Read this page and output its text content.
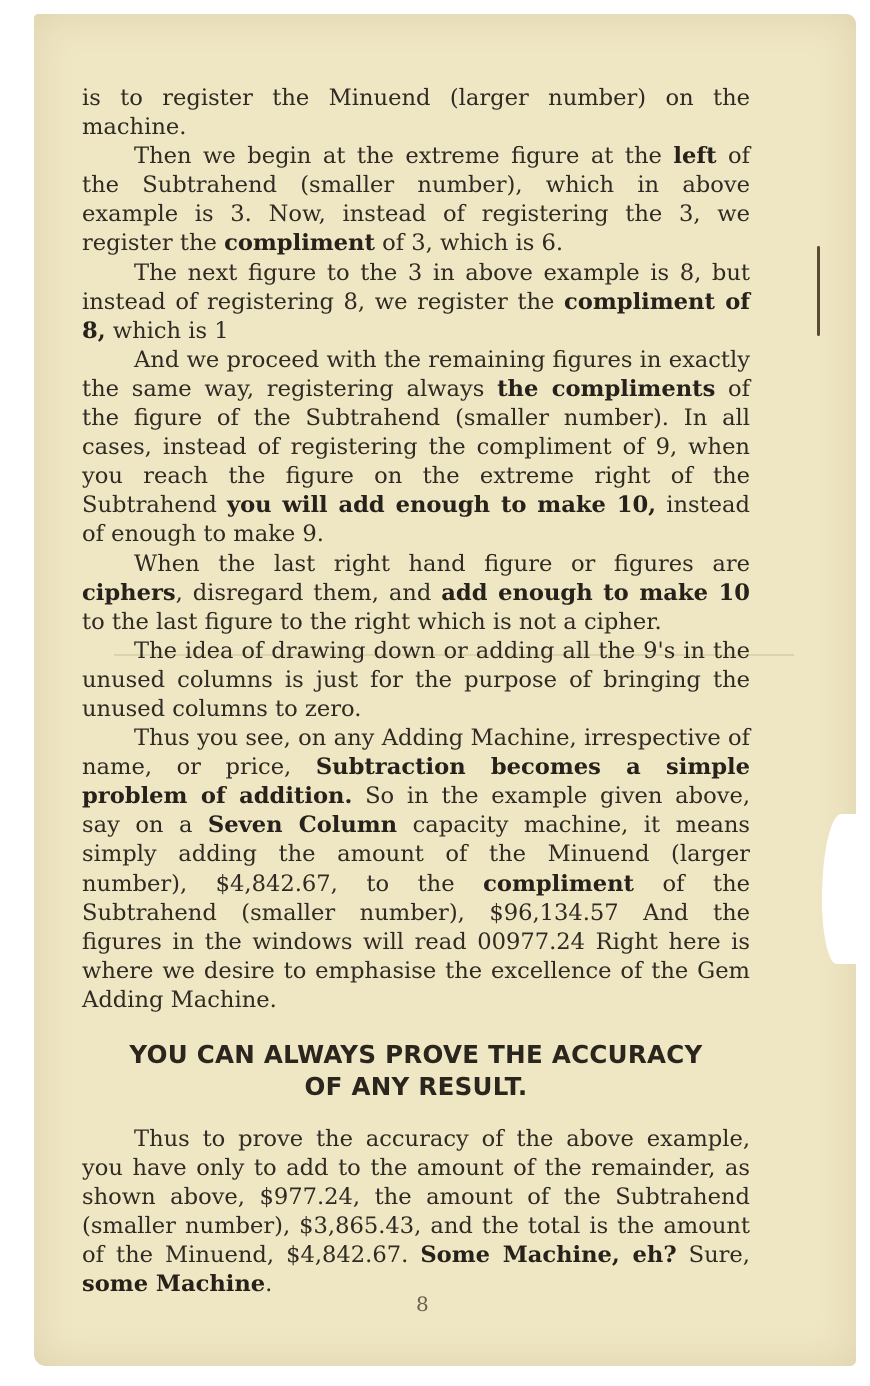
is to register the Minuend (larger number) on the machine.

Then we begin at the extreme figure at the left of the Subtrahend (smaller number), which in above example is 3. Now, instead of registering the 3, we register the compliment of 3, which is 6.

The next figure to the 3 in above example is 8, but instead of registering 8, we register the compliment of 8, which is 1

And we proceed with the remaining figures in exactly the same way, registering always the compliments of the figure of the Subtrahend (smaller number). In all cases, instead of registering the compliment of 9, when you reach the figure on the extreme right of the Subtrahend you will add enough to make 10, instead of enough to make 9.

When the last right hand figure or figures are ciphers, disregard them, and add enough to make 10 to the last figure to the right which is not a cipher.

The idea of drawing down or adding all the 9's in the unused columns is just for the purpose of bringing the unused columns to zero.

Thus you see, on any Adding Machine, irrespective of name, or price, Subtraction becomes a simple problem of addition. So in the example given above, say on a Seven Column capacity machine, it means simply adding the amount of the Minuend (larger number), $4,842.67, to the compliment of the Subtrahend (smaller number), $96,134.57 And the figures in the windows will read 00977.24 Right here is where we desire to emphasise the excellence of the Gem Adding Machine.

YOU CAN ALWAYS PROVE THE ACCURACY
OF ANY RESULT.

Thus to prove the accuracy of the above example, you have only to add to the amount of the remainder, as shown above, $977.24, the amount of the Subtrahend (smaller number), $3,865.43, and the total is the amount of the Minuend, $4,842.67. Some Machine, eh? Sure, some Machine.

8
